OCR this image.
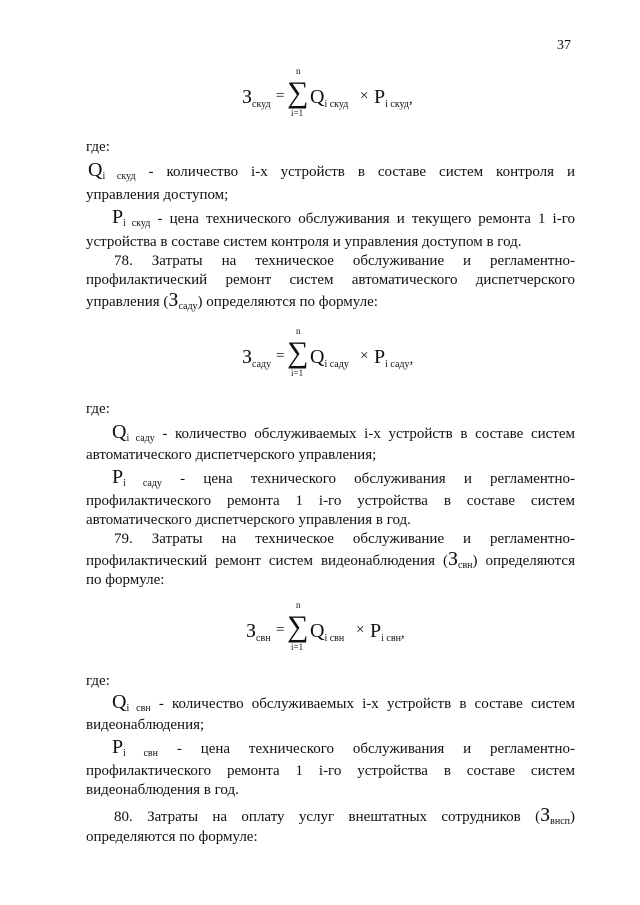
37
$З_{скуд}$
=
n
∑
i=1
$Q_{i скуд}$
× $P_{i скуд}$,
где:
$Q_{i скуд}$ - количество i-х устройств в составе систем контроля и
управления доступом;
$P_{i скуд}$ - цена технического обслуживания и текущего ремонта 1 i-го
устройства в составе систем контроля и управления доступом в год.
78. Затраты на техническое обслуживание и регламентно-
профилактический ремонт систем автоматического диспетчерского
управления $(З_{саду})$ определяются по формуле:
$З_{саду}$
=
n
∑
i=1
$Q_{i саду}$
× $P_{i саду}$,
где:
$Q_{i саду}$ - количество обслуживаемых i-х устройств в составе систем
автоматического диспетчерского управления;
$P_{i саду}$ - цена технического обслуживания и регламентно-
профилактического ремонта 1 i-го устройства в составе систем
автоматического диспетчерского управления в год.
79. Затраты на техническое обслуживание и регламентно-
профилактический ремонт систем видеонаблюдения $(З_{свн})$ определяются
по формуле:
$З_{свн}$
=
n
∑
i=1
$Q_{i свн}$
× $P_{i свн}$,
где:
$Q_{i свн}$ - количество обслуживаемых i-х устройств в составе систем
видеонаблюдения;
$P_{i свн}$ - цена технического обслуживания и регламентно-
профилактического ремонта 1 i-го устройства в составе систем
видеонаблюдения в год.
80. Затраты на оплату услуг внештатных сотрудников $(З_{внсп})$
определяются по формуле:
